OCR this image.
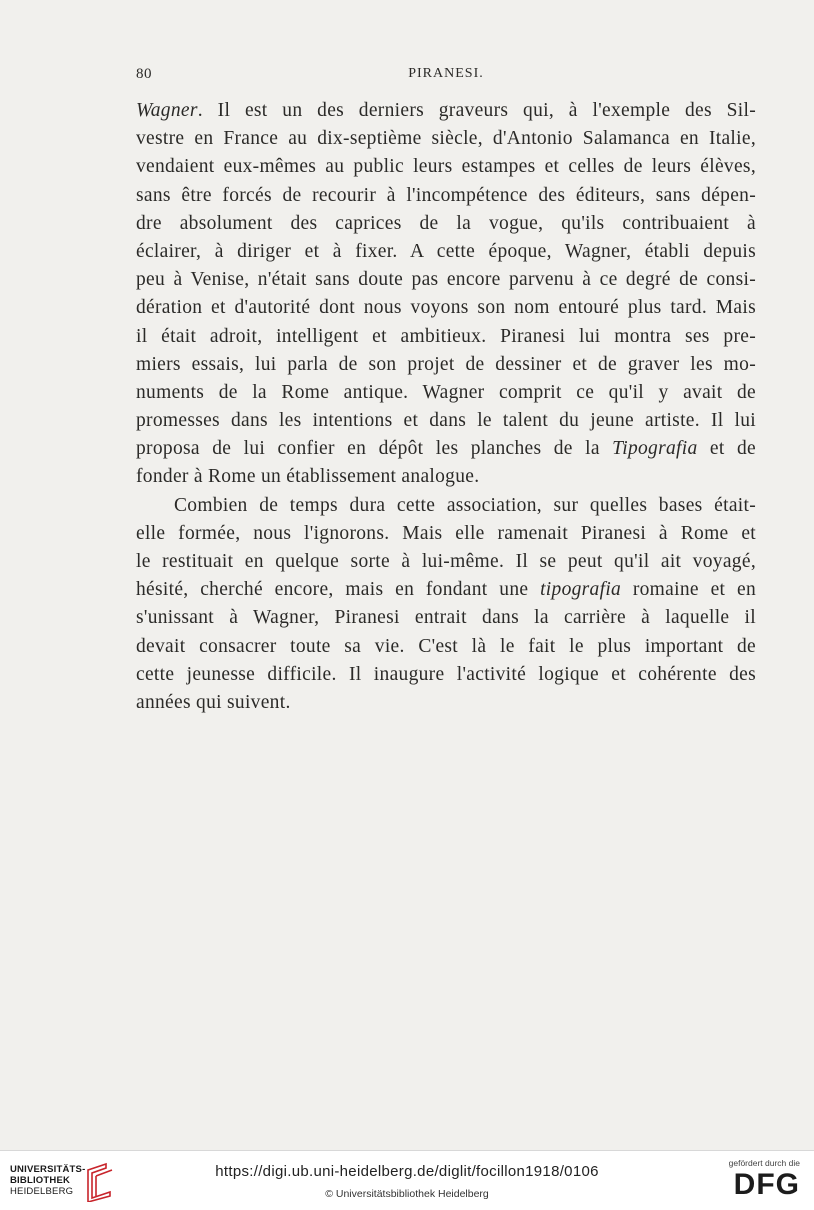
80	PIRANESI.
Wagner. Il est un des derniers graveurs qui, à l'exemple des Sil-
vestre en France au dix-septième siècle, d'Antonio Salamanca en Italie,
vendaient eux-mêmes au public leurs estampes et celles de leurs élèves,
sans être forcés de recourir à l'incompétence des éditeurs, sans dépen-
dre absolument des caprices de la vogue, qu'ils contribuaient à
éclairer, à diriger et à fixer. A cette époque, Wagner, établi depuis
peu à Venise, n'était sans doute pas encore parvenu à ce degré de consi-
dération et d'autorité dont nous voyons son nom entouré plus tard. Mais
il était adroit, intelligent et ambitieux. Piranesi lui montra ses pre-
miers essais, lui parla de son projet de dessiner et de graver les mo-
numents de la Rome antique. Wagner comprit ce qu'il y avait de
promesses dans les intentions et dans le talent du jeune artiste. Il lui
proposa de lui confier en dépôt les planches de la Tipografia et de
fonder à Rome un établissement analogue.
Combien de temps dura cette association, sur quelles bases était-
elle formée, nous l'ignorons. Mais elle ramenait Piranesi à Rome et
le restituait en quelque sorte à lui-même. Il se peut qu'il ait voyagé,
hésité, cherché encore, mais en fondant une tipografia romaine et en
s'unissant à Wagner, Piranesi entrait dans la carrière à laquelle il
devait consacrer toute sa vie. C'est là le fait le plus important de
cette jeunesse difficile. Il inaugure l'activité logique et cohérente des
années qui suivent.
UNIVERSITÄTS-
BIBLIOTHEK
HEIDELBERG
https://digi.ub.uni-heidelberg.de/diglit/focillon1918/0106
© Universitätsbibliothek Heidelberg
gefördert durch die
DFG
